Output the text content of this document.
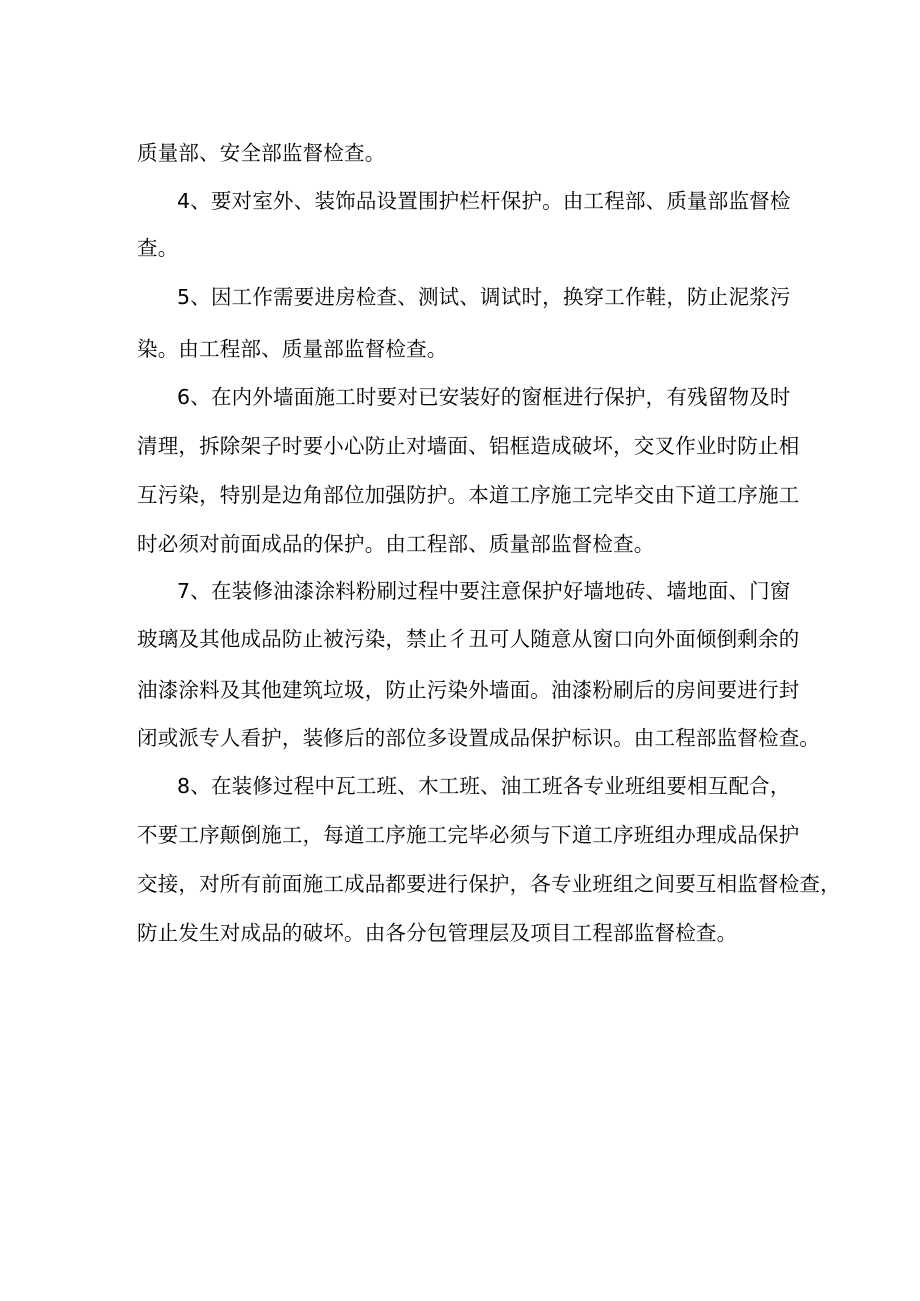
质量部、安全部监督检查。
4、要对室外、装饰品设置围护栏杆保护。由工程部、质量部监督检
查。
5、因工作需要进房检查、测试、调试时，换穿工作鞋，防止泥浆污
染。由工程部、质量部监督检查。
6、在内外墙面施工时要对已安装好的窗框进行保护，有残留物及时
清理，拆除架子时要小心防止对墙面、铝框造成破坏，交叉作业时防止相
互污染，特别是边角部位加强防护。本道工序施工完毕交由下道工序施工
时必须对前面成品的保护。由工程部、质量部监督检查。
7、在装修油漆涂料粉刷过程中要注意保护好墙地砖、墙地面、门窗
玻璃及其他成品防止被污染，禁止彳丑可人随意从窗口向外面倾倒剩余的
油漆涂料及其他建筑垃圾，防止污染外墙面。油漆粉刷后的房间要进行封
闭或派专人看护，装修后的部位多设置成品保护标识。由工程部监督检查。
8、在装修过程中瓦工班、木工班、油工班各专业班组要相互配合，
不要工序颠倒施工，每道工序施工完毕必须与下道工序班组办理成品保护
交接，对所有前面施工成品都要进行保护，各专业班组之间要互相监督检查，
防止发生对成品的破坏。由各分包管理层及项目工程部监督检查。
